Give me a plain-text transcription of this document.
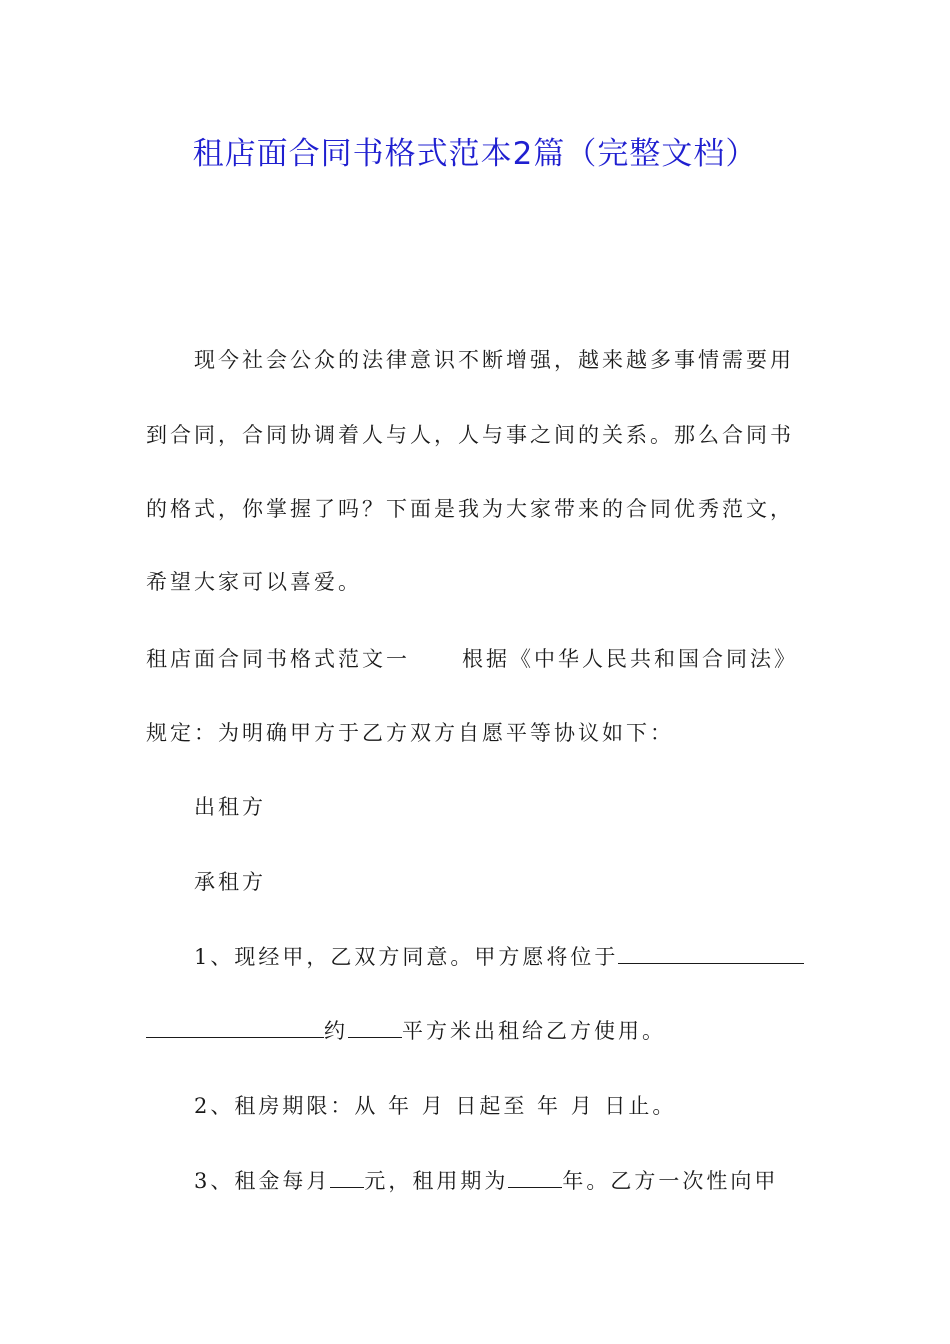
租店面合同书格式范本2篇（完整文档）
现今社会公众的法律意识不断增强，越来越多事情需要用
到合同，合同协调着人与人，人与事之间的关系。那么合同书
的格式，你掌握了吗？下面是我为大家带来的合同优秀范文，
希望大家可以喜爱。
租店面合同书格式范文一 根据《中华人民共和国合同法》
规定：为明确甲方于乙方双方自愿平等协议如下：
出租方
承租方
1、现经甲，乙双方同意。甲方愿将位于
约	平方米出租给乙方使用。
2、租房期限：从 年 月 日起至 年 月 日止。
3、租金每月 元，租用期为	年。乙方一次性向甲
